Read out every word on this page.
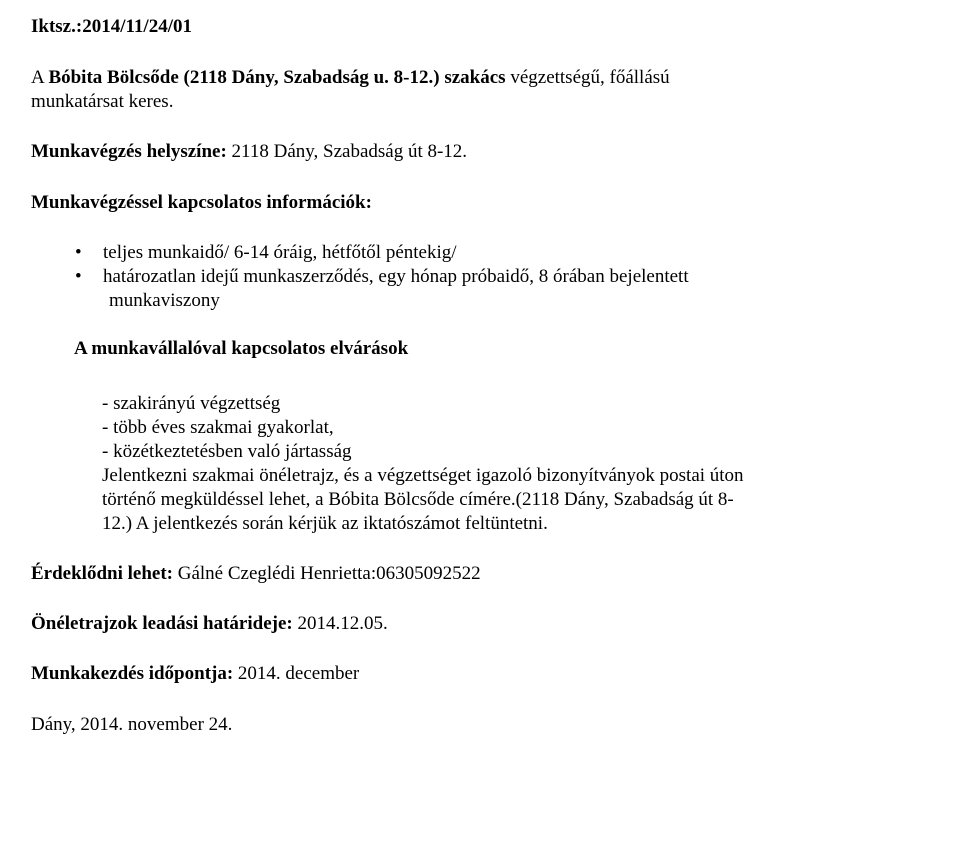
Iktsz.:2014/11/24/01

A Bóbita Bölcsőde (2118 Dány, Szabadság u. 8-12.) szakács végzettségű, főállású
munkatársat keres.

Munkavégzés helyszíne: 2118 Dány, Szabadság út 8-12.

Munkavégzéssel kapcsolatos információk:

•	teljes munkaidő/ 6-14 óráig, hétfőtől péntekig/
•	határozatlan idejű munkaszerződés, egy hónap próbaidő, 8 órában bejelentett
munkaviszony

A munkavállalóval kapcsolatos elvárások

- szakirányú végzettség
- több éves szakmai gyakorlat,
- közétkeztetésben való jártasság
Jelentkezni szakmai önéletrajz, és a végzettséget igazoló bizonyítványok postai úton
történő megküldéssel lehet, a Bóbita Bölcsőde címére.(2118 Dány, Szabadság út 8-
12.) A jelentkezés során kérjük az iktatószámot feltüntetni.

Érdeklődni lehet: Gálné Czeglédi Henrietta:06305092522

Önéletrajzok leadási határideje: 2014.12.05.

Munkakezdés időpontja: 2014. december

Dány, 2014. november 24.
